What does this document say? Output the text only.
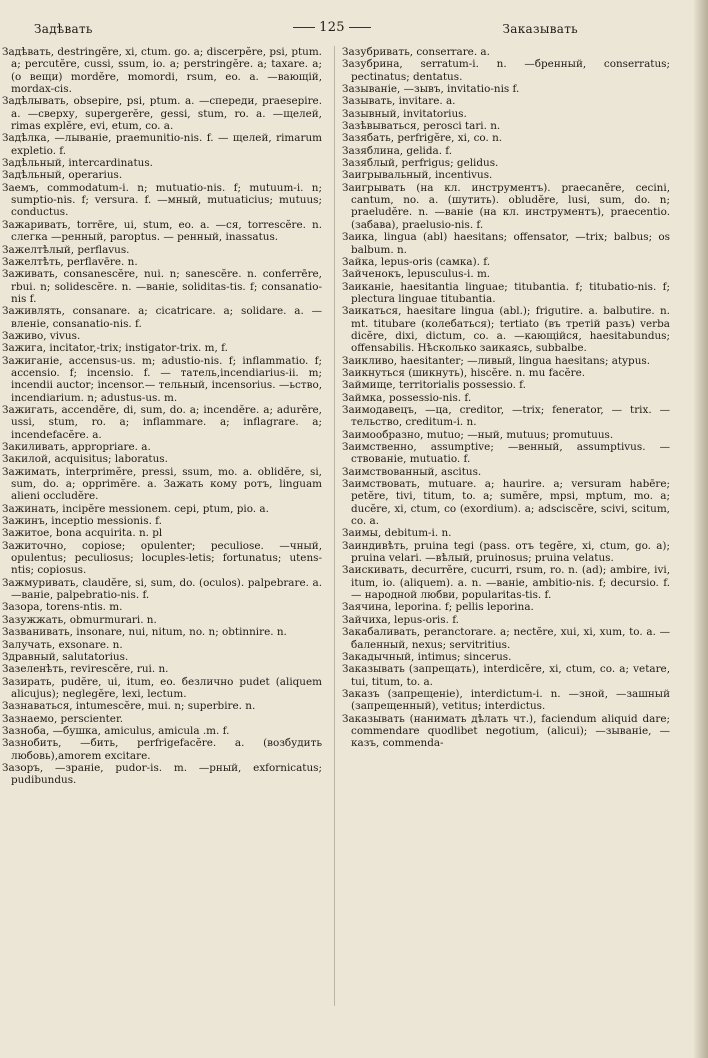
Задѣвать	125	Заказывать

Задѣвать, destringĕre, xi, ctum. go. a; discerpĕre, psi, ptum. a; percutĕre, cussi, ssum, io. a; perstringĕre. a; taxare. a; (о вещи) mordĕre, momordi, rsum, eo. a. —вающій, mordax-cis.

Задѣлывать, obsepire, psi, ptum. a. —спереди, praesepire. a. —сверху, supergerĕre, gessi, stum, ro. a. —щелей, rimas explĕre, evi, etum, co. a.

Задѣлка, —лываніе, praemunitio-nis. f. — щелей, rimarum expletio. f.

Задѣльный, intercardinatus.

Задѣльный, operarius.

Заемъ, commodatum-i. n; mutuatio-nis. f; mutuum-i. n; sumptio-nis. f; versura. f. —мный, mutuaticius; mutuus; conductus.

Зажаривать, torrēre, ui, stum, eo. a. —ся, torrescĕre. n. слегка —ренный, paroptus. — ренный, inassatus.

Зажелтѣлый, perflavus.

Зажелтѣть, perflavēre. n.

Заживать, consanescĕre, nui. n; sanescĕre. n. conferrēre, rbui. n; solidescĕre. n. —ваніе, soliditas-tis. f; consanatio-nis f.

Заживлять, consanare. a; cicatricare. a; solidare. a. —вленіе, consanatio-nis. f.

Заживо, vivus.

Зажига, incitator,-trix; instigator-trix. m, f.

Зажиганіе, accensus-us. m; adustio-nis. f; inflammatio. f; accensio. f; incensio. f. — татель,incendiarius-ii. m; incendii auctor; incensor.— тельный, incensorius. —ьство, incendiarium. n; adustus-us. m.

Зажигать, accendĕre, di, sum, do. a; incendĕre. a; adurĕre, ussi, stum, ro. a; inflammare. a; inflagrare. a; incendefacĕre. a.

Закиливать, appropriare. a.

Закилой, acquisitus; laboratus.

Зажимать, interprimĕre, pressi, ssum, mo. a. oblidĕre, si, sum, do. a; opprimĕre. a. Зажать кому ротъ, linguam alieni occludĕre.

Зажинать, incipĕre messionem. cepi, ptum, pio. a.

Зажинъ, inceptio messionis. f.

Зажитое, bona acquirita. n. pl

Зажиточно, copiose; opulenter; peculiose. —чный, opulentus; peculiosus; locuples-letis; fortunatus; utens-ntis; copiosus.

Зажмуривать, claudĕre, si, sum, do. (oculos). palpebrare. a. —ваніе, palpebratio-nis. f.

Зазора, torens-ntis. m.

Зазужжать, obmurmurari. n.

Зазванивать, insonare, nui, nitum, no. n; obtinnire. n.

Залучать, exsonare. n.

Здравный, salutatorius.

Зазеленѣть, revirescĕre, rui. n.

Зазирать, pudĕre, ui, itum, eo. безлично pudet (aliquem alicujus); neglegĕre, lexi, lectum.

Зазнаваться, intumescĕre, mui. n; superbire. n.

Зазнаемо, perscienter.

Зазноба, —бушка, amiculus, amicula .m. f.

Зазнобить, —бить, perfrigefacĕre. a. (возбудить любовь),amorem excitare.

Зазоръ, —зраніе, pudor-is. m. —рный, exfornicatus; pudibundus.

Зазубривать, conserrare. a.

Зазубрина, serratum-i. n. —бренный, conserratus; pectinatus; dentatus.

Зазываніе, —зывъ, invitatio-nis f.

Зазывать, invitare. a.

Зазывный, invitatorius.

Зазѣвываться, perosci tari. n.

Зазябать, perfrigĕre, xi, co. n.

Зазяблина, gelida. f.

Зазяблый, perfrigus; gelidus.

Заигрывальный, incentivus.

Заигрывать (на кл. инструментъ). praecanĕre, cecini, cantum, no. a. (шутить). obludĕre, lusi, sum, do. n; praeludĕre. n. —ваніе (на кл. инструментъ), praecentio. (забава), praelusio-nis. f.

Заика, lingua (abl) haesitans; offensator, —trix; balbus; os balbum. n.

Зайка, lepus-oris (самка). f.

Зайченокъ, lepusculus-i. m.

Заиканіе, haesitantia linguae; titubantia. f; titubatio-nis. f; plectura linguae titubantia.

Заикаться, haesitare lingua (abl.); frigutire. a. balbutire. n. mt. titubare (колебаться); tertiato (въ третій разъ) verba dicĕre, dixi, dictum, co. a. —кающійся, haesitabundus; offensabilis. Нѣсколько заикаясь, subbalbe.

Заикливо, haesitanter; —ливый, lingua haesitans; atypus.

Заикнуться (шикнуть), hiscĕre. n. mu facĕre.

Займище, territorialis possessio. f.

Займка, possessio-nis. f.

Заимодавецъ, —ца, creditor, —trix; fenerator, — trix. —тельство, creditum-i. n.

Заимообразно, mutuo; —ный, mutuus; promutuus.

Заимственно, assumptive; —венный, assumptivus. —ствованіе, mutuatio. f.

Заимствованный, ascitus.

Заимствовать, mutuare. a; haurire. a; versuram habēre; petĕre, tivi, titum, to. a; sumĕre, mpsi, mptum, mo. a; ducĕre, xi, ctum, co (exordium). a; adsciscĕre, scivi, scitum, co. a.

Заимы, debitum-i. n.

Заиндивѣть, pruina tegi (pass. отъ tegĕre, xi, ctum, go. a); pruina velari. —вѣлый, pruinosus; pruina velatus.

Заискивать, decurrĕre, cucurri, rsum, ro. n. (ad); ambire, ivi, itum, io. (aliquem). a. n. —ваніе, ambitio-nis. f; decursio. f. — народной любви, popularitas-tis. f.

Заячина, leporina. f; pellis leporina.

Зайчиха, lepus-oris. f.

Закабаливать, peranctorare. a; nectĕre, xui, xi, xum, to. a. —баленный, nexus; servitritius.

Закадычный, intimus; sincerus.

Заказывать (запрещать), interdicĕre, xi, ctum, co. a; vetare, tui, titum, to. a.

Заказъ (запрещеніе), interdictum-i. n. —зной, —зашный (запрещенный), vetitus; interdictus.

Заказывать (нанимать дѣлать чт.), faciendum aliquid dare; commendare quodlibet negotium, (alicui); —зываніе, —казъ, commenda-
